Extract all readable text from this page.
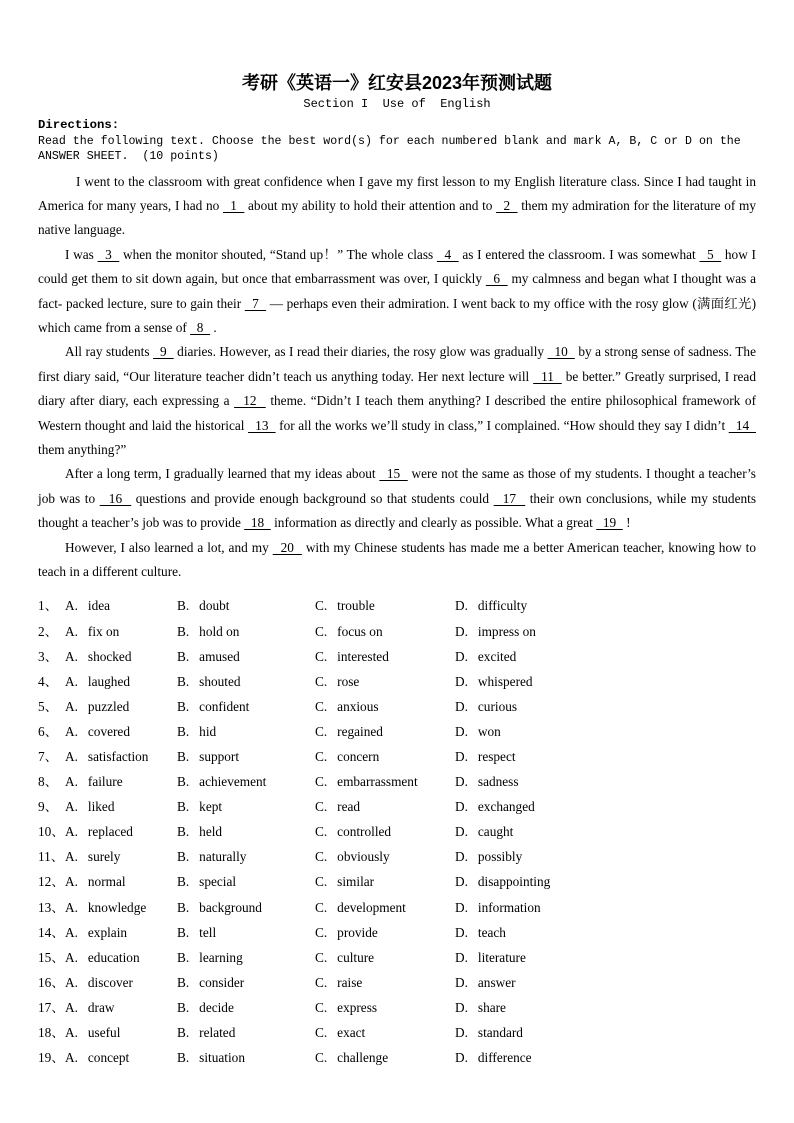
考研《英语一》红安县2023年预测试题
Section I  Use of  English
Directions:
Read the following text. Choose the best word(s) for each numbered blank and mark A, B, C or D on the ANSWER SHEET.  (10 points)

I went to the classroom with great confidence when I gave my first lesson to my English literature class. Since I had taught in America for many years, I had no   1   about my ability to hold their attention and to   2   them my admiration for the literature of my native language.

I was   3   when the monitor shouted, “Stand up！” The whole class   4   as I entered the classroom. I was somewhat   5   how I could get them to sit down again, but once that embarrassment was over, I quickly   6   my calmness and began what I thought was a fact- packed lecture, sure to gain their   7   — perhaps even their admiration. I went back to my office with the rosy glow (满面红光) which came from a sense of   8   .

All ray students   9   diaries. However, as I read their diaries, the rosy glow was gradually   10   by a strong sense of sadness. The first diary said, “Our literature teacher didn’t teach us anything today. Her next lecture will   11   be better.” Greatly surprised, I read diary after diary, each expressing a   12   theme. “Didn’t I teach them anything? I described the entire philosophical framework of Western thought and laid the historical   13   for all the works we’ll study in class,” I complained. “How should they say I didn’t   14   them anything?”

After a long term, I gradually learned that my ideas about   15   were not the same as those of my students. I thought a teacher’s job was to   16   questions and provide enough background so that students could   17   their own conclusions, while my students thought a teacher’s job was to provide   18   information as directly and clearly as possible. What a great   19   !

However, I also learned a lot, and my   20   with my Chinese students has made me a better American teacher, knowing how to teach in a different culture.

1、 A.   idea	B.   doubt	C.   trouble	D.   difficulty
2、 A.   fix on	B.   hold on	C.   focus on	D.   impress on
3、 A.   shocked	B.   amused	C.   interested	D.   excited
4、 A.   laughed	B.   shouted	C.   rose	D.   whispered
5、 A.   puzzled	B.   confident	C.   anxious	D.   curious
6、 A.   covered	B.   hid	C.   regained	D.   won
7、 A.   satisfaction	B.   support	C.   concern	D.   respect
8、 A.   failure	B.   achievement	C.   embarrassment	D.   sadness
9、 A.   liked	B.   kept	C.   read	D.   exchanged
10、 A.   replaced	B.   held	C.   controlled	D.   caught
11、 A.   surely	B.   naturally	C.   obviously	D.   possibly
12、 A.   normal	B.   special	C.   similar	D.   disappointing
13、 A.   knowledge	B.   background	C.   development	D.   information
14、 A.   explain	B.   tell	C.   provide	D.   teach
15、 A.   education	B.   learning	C.   culture	D.   literature
16、 A.   discover	B.   consider	C.   raise	D.   answer
17、 A.   draw	B.   decide	C.   express	D.   share
18、 A.   useful	B.   related	C.   exact	D.   standard
19、 A.   concept	B.   situation	C.   challenge	D.   difference
